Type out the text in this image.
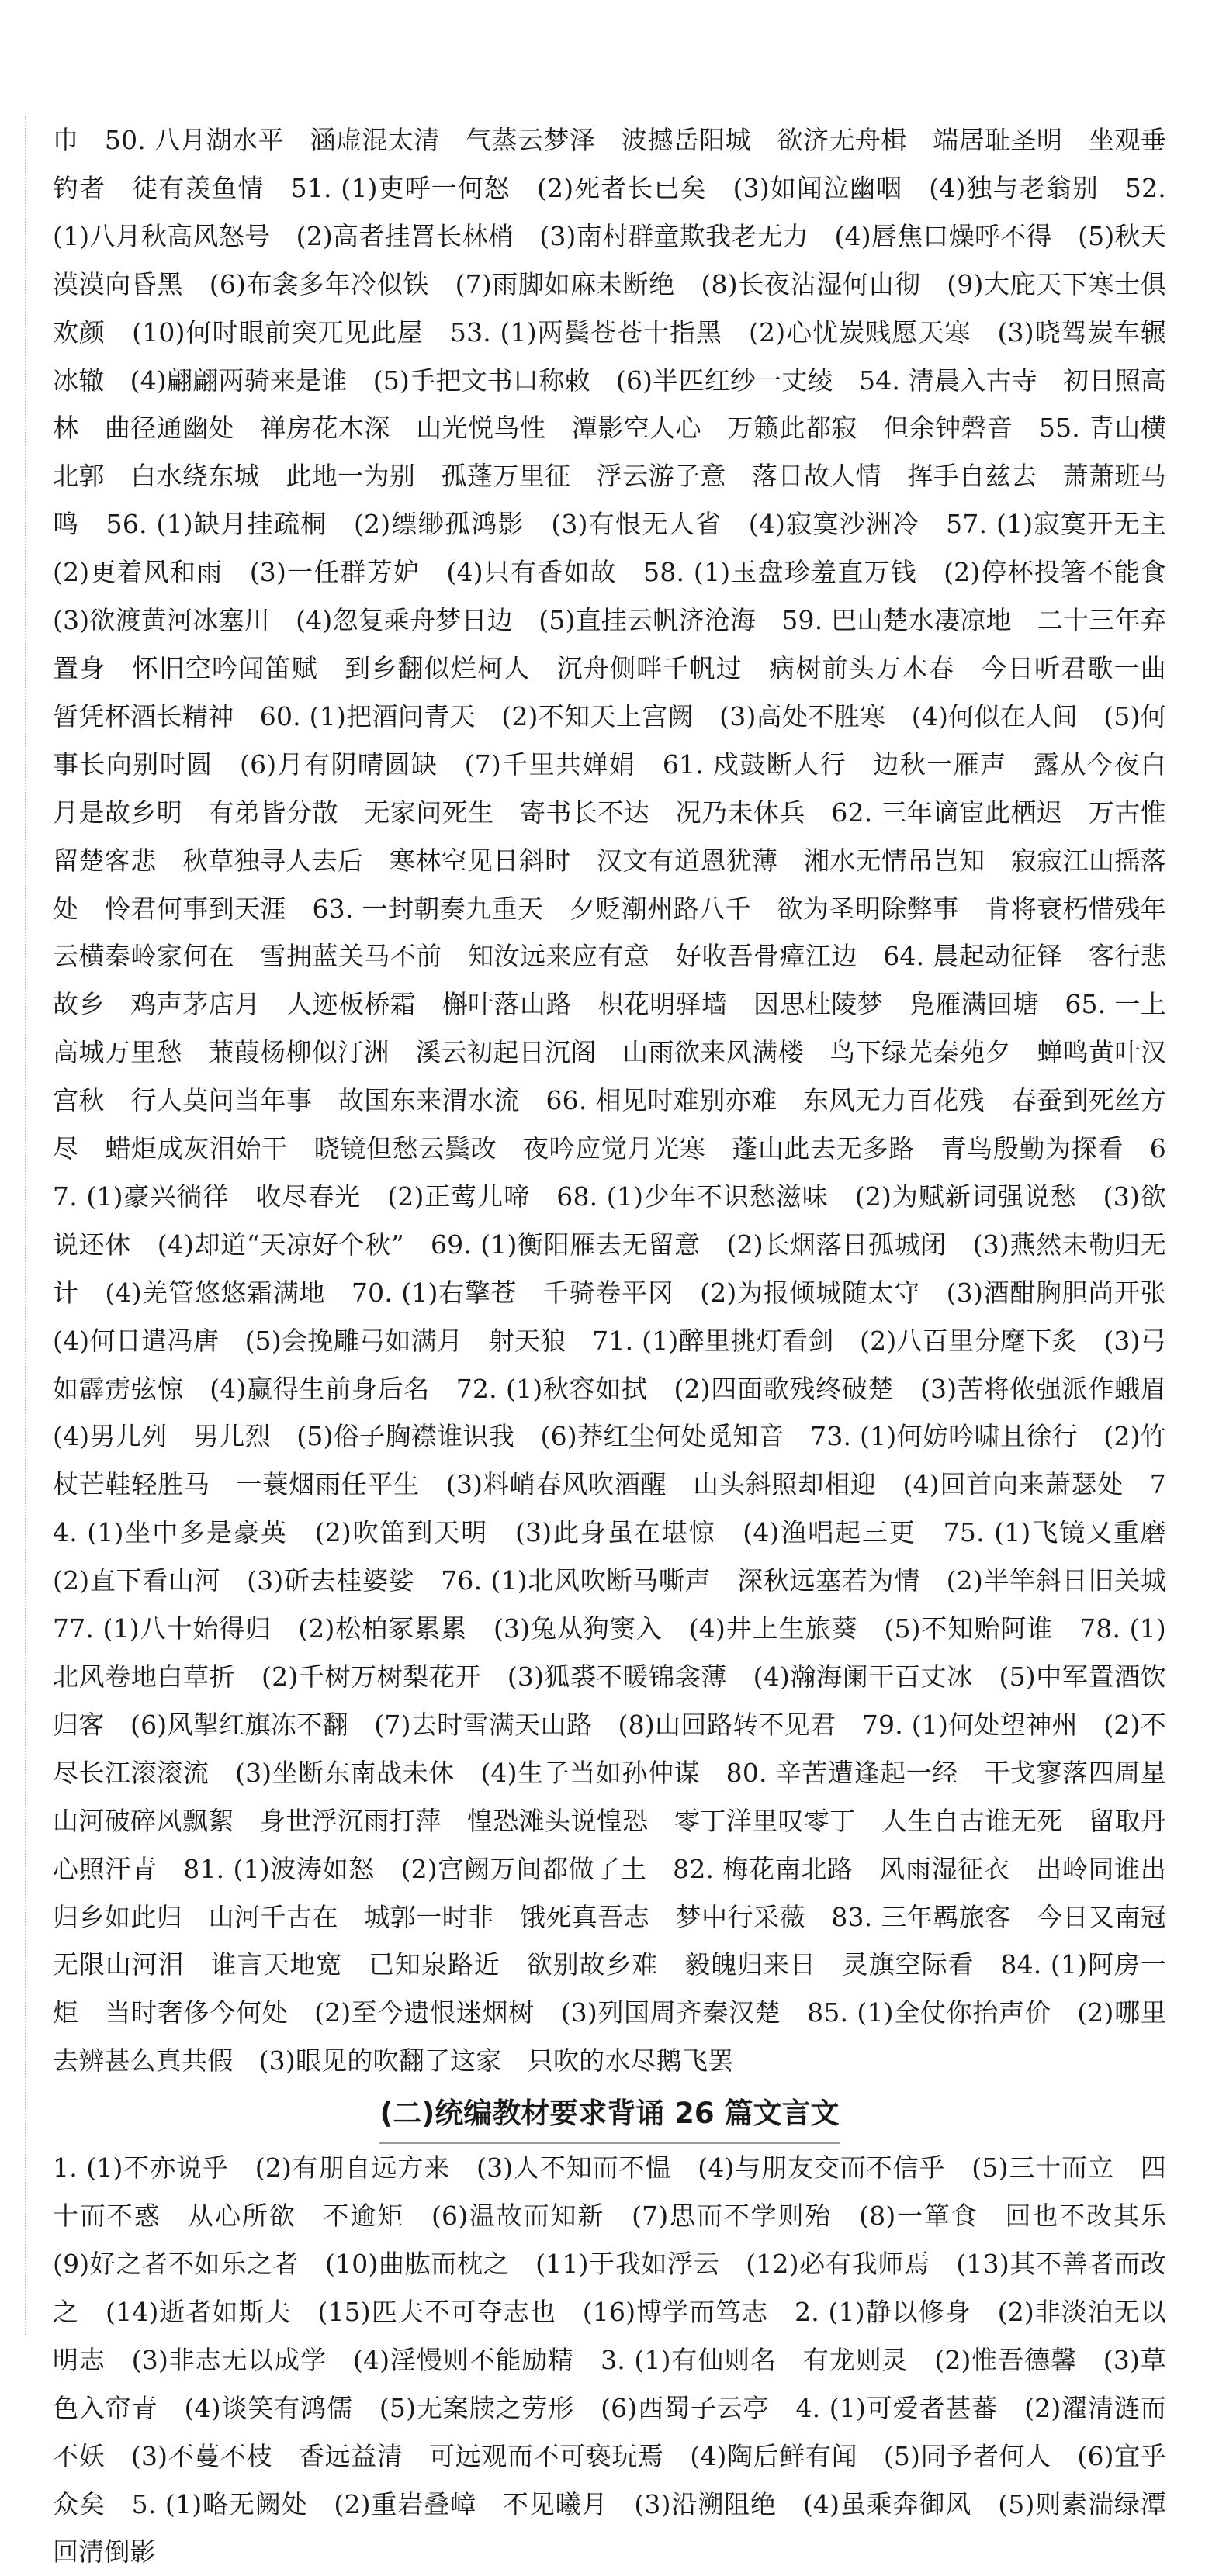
巾　50. 八月湖水平　涵虚混太清　气蒸云梦泽　波撼岳阳城　欲济无舟楫　端居耻圣明　坐观垂钓者　徒有羡鱼情　51. (1)吏呼一何怒　(2)死者长已矣　(3)如闻泣幽咽　(4)独与老翁别　52. (1)八月秋高风怒号　(2)高者挂罥长林梢　(3)南村群童欺我老无力　(4)唇焦口燥呼不得　(5)秋天漠漠向昏黑　(6)布衾多年冷似铁　(7)雨脚如麻未断绝　(8)长夜沾湿何由彻　(9)大庇天下寒士俱欢颜　(10)何时眼前突兀见此屋　53. (1)两鬓苍苍十指黑　(2)心忧炭贱愿天寒　(3)晓驾炭车辗冰辙　(4)翩翩两骑来是谁　(5)手把文书口称敕　(6)半匹红纱一丈绫　54. 清晨入古寺　初日照高林　曲径通幽处　禅房花木深　山光悦鸟性　潭影空人心　万籁此都寂　但余钟磬音　55. 青山横北郭　白水绕东城　此地一为别　孤蓬万里征　浮云游子意　落日故人情　挥手自兹去　萧萧班马鸣　56. (1)缺月挂疏桐　(2)缥缈孤鸿影　(3)有恨无人省　(4)寂寞沙洲冷　57. (1)寂寞开无主　(2)更着风和雨　(3)一任群芳妒　(4)只有香如故　58. (1)玉盘珍羞直万钱　(2)停杯投箸不能食　(3)欲渡黄河冰塞川　(4)忽复乘舟梦日边　(5)直挂云帆济沧海　59. 巴山楚水凄凉地　二十三年弃置身　怀旧空吟闻笛赋　到乡翻似烂柯人　沉舟侧畔千帆过　病树前头万木春　今日听君歌一曲　暂凭杯酒长精神　60. (1)把酒问青天　(2)不知天上宫阙　(3)高处不胜寒　(4)何似在人间　(5)何事长向别时圆　(6)月有阴晴圆缺　(7)千里共婵娟　61. 戍鼓断人行　边秋一雁声　露从今夜白　月是故乡明　有弟皆分散　无家问死生　寄书长不达　况乃未休兵　62. 三年谪宦此栖迟　万古惟留楚客悲　秋草独寻人去后　寒林空见日斜时　汉文有道恩犹薄　湘水无情吊岂知　寂寂江山摇落处　怜君何事到天涯　63. 一封朝奏九重天　夕贬潮州路八千　欲为圣明除弊事　肯将衰朽惜残年　云横秦岭家何在　雪拥蓝关马不前　知汝远来应有意　好收吾骨瘴江边　64. 晨起动征铎　客行悲故乡　鸡声茅店月　人迹板桥霜　槲叶落山路　枳花明驿墙　因思杜陵梦　凫雁满回塘　65. 一上高城万里愁　蒹葭杨柳似汀洲　溪云初起日沉阁　山雨欲来风满楼　鸟下绿芜秦苑夕　蝉鸣黄叶汉宫秋　行人莫问当年事　故国东来渭水流　66. 相见时难别亦难　东风无力百花残　春蚕到死丝方尽　蜡炬成灰泪始干　晓镜但愁云鬓改　夜吟应觉月光寒　蓬山此去无多路　青鸟殷勤为探看　67. (1)豪兴徜徉　收尽春光　(2)正莺儿啼　68. (1)少年不识愁滋味　(2)为赋新词强说愁　(3)欲说还休　(4)却道“天凉好个秋”　69. (1)衡阳雁去无留意　(2)长烟落日孤城闭　(3)燕然未勒归无计　(4)羌管悠悠霜满地　70. (1)右擎苍　千骑卷平冈　(2)为报倾城随太守　(3)酒酣胸胆尚开张　(4)何日遣冯唐　(5)会挽雕弓如满月　射天狼　71. (1)醉里挑灯看剑　(2)八百里分麾下炙　(3)弓如霹雳弦惊　(4)赢得生前身后名　72. (1)秋容如拭　(2)四面歌残终破楚　(3)苦将侬强派作蛾眉　(4)男儿列　男儿烈　(5)俗子胸襟谁识我　(6)莽红尘何处觅知音　73. (1)何妨吟啸且徐行　(2)竹杖芒鞋轻胜马　一蓑烟雨任平生　(3)料峭春风吹酒醒　山头斜照却相迎　(4)回首向来萧瑟处　74. (1)坐中多是豪英　(2)吹笛到天明　(3)此身虽在堪惊　(4)渔唱起三更　75. (1)飞镜又重磨　(2)直下看山河　(3)斫去桂婆娑　76. (1)北风吹断马嘶声　深秋远塞若为情　(2)半竿斜日旧关城　77. (1)八十始得归　(2)松柏冢累累　(3)兔从狗窦入　(4)井上生旅葵　(5)不知贻阿谁　78. (1)北风卷地白草折　(2)千树万树梨花开　(3)狐裘不暖锦衾薄　(4)瀚海阑干百丈冰　(5)中军置酒饮归客　(6)风掣红旗冻不翻　(7)去时雪满天山路　(8)山回路转不见君　79. (1)何处望神州　(2)不尽长江滚滚流　(3)坐断东南战未休　(4)生子当如孙仲谋　80. 辛苦遭逢起一经　干戈寥落四周星　山河破碎风飘絮　身世浮沉雨打萍　惶恐滩头说惶恐　零丁洋里叹零丁　人生自古谁无死　留取丹心照汗青　81. (1)波涛如怒　(2)宫阙万间都做了土　82. 梅花南北路　风雨湿征衣　出岭同谁出　归乡如此归　山河千古在　城郭一时非　饿死真吾志　梦中行采薇　83. 三年羁旅客　今日又南冠　无限山河泪　谁言天地宽　已知泉路近　欲别故乡难　毅魄归来日　灵旗空际看　84. (1)阿房一炬　当时奢侈今何处　(2)至今遗恨迷烟树　(3)列国周齐秦汉楚　85. (1)全仗你抬声价　(2)哪里去辨甚么真共假　(3)眼见的吹翻了这家　只吹的水尽鹅飞罢

(二)统编教材要求背诵 26 篇文言文

1. (1)不亦说乎　(2)有朋自远方来　(3)人不知而不愠　(4)与朋友交而不信乎　(5)三十而立　四十而不惑　从心所欲　不逾矩　(6)温故而知新　(7)思而不学则殆　(8)一箪食　回也不改其乐　(9)好之者不如乐之者　(10)曲肱而枕之　(11)于我如浮云　(12)必有我师焉　(13)其不善者而改之　(14)逝者如斯夫　(15)匹夫不可夺志也　(16)博学而笃志　2. (1)静以修身　(2)非淡泊无以明志　(3)非志无以成学　(4)淫慢则不能励精　3. (1)有仙则名　有龙则灵　(2)惟吾德馨　(3)草色入帘青　(4)谈笑有鸿儒　(5)无案牍之劳形　(6)西蜀子云亭　4. (1)可爱者甚蕃　(2)濯清涟而不妖　(3)不蔓不枝　香远益清　可远观而不可亵玩焉　(4)陶后鲜有闻　(5)同予者何人　(6)宜乎众矣　5. (1)略无阙处　(2)重岩叠嶂　不见曦月　(3)沿溯阻绝　(4)虽乘奔御风　(5)则素湍绿潭　回清倒影
